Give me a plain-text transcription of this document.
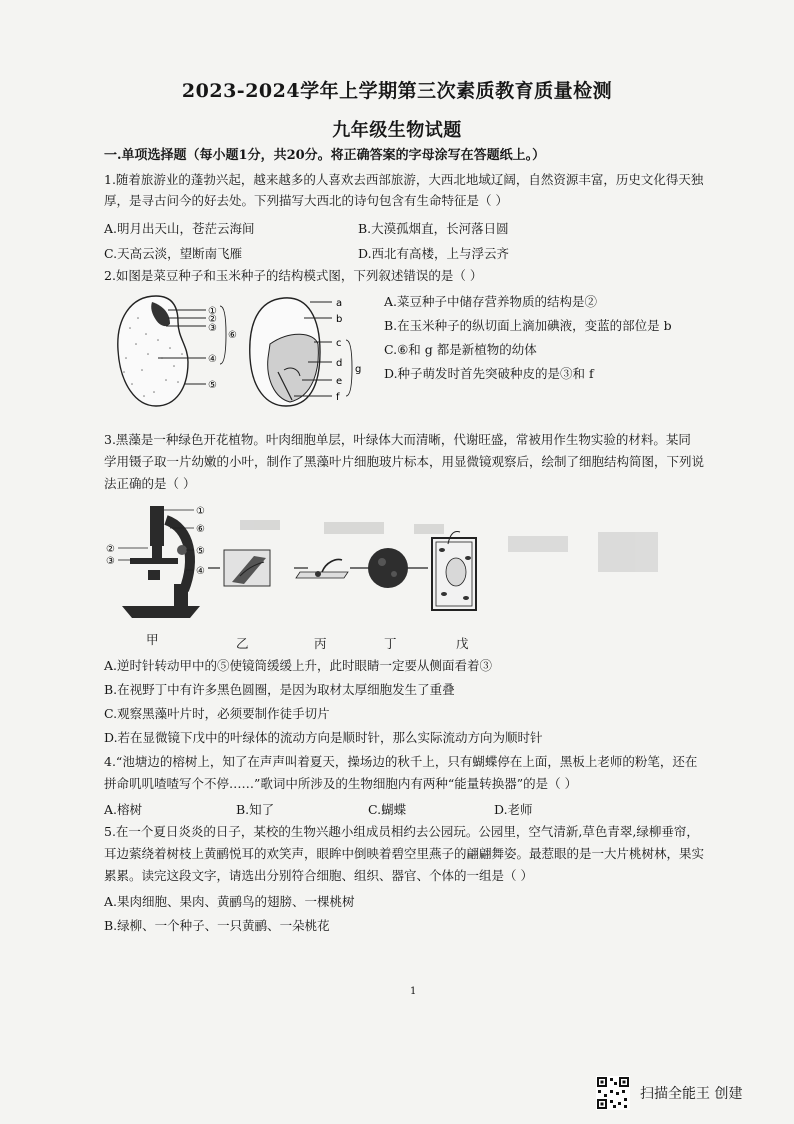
2023-2024学年上学期第三次素质教育质量检测
九年级生物试题
一.单项选择题（每小题1分，共20分。将正确答案的字母涂写在答题纸上。）
1.随着旅游业的蓬勃兴起，越来越多的人喜欢去西部旅游，大西北地域辽阔，自然资源丰富，历史文化得天独
厚，是寻古问今的好去处。下列描写大西北的诗句包含有生命特征是（ ）
A.明月出天山，苍茫云海间	B.大漠孤烟直，长河落日圆
C.天高云淡，望断南飞雁	D.西北有高楼，上与浮云齐
2.如图是菜豆种子和玉米种子的结构模式图，下列叙述错误的是（ ）
①
②
③
④
⑤
⑥
a
b
c
d
e
f
g
A.菜豆种子中储存营养物质的结构是②
B.在玉米种子的纵切面上滴加碘液，变蓝的部位是 b
C.⑥和 g 都是新植物的幼体
D.种子萌发时首先突破种皮的是③和 f
3.黑藻是一种绿色开花植物。叶肉细胞单层，叶绿体大而清晰，代谢旺盛，常被用作生物实验的材料。某同
学用镊子取一片幼嫩的小叶，制作了黑藻叶片细胞玻片标本，用显微镜观察后，绘制了细胞结构简图，下列说
法正确的是（ ）
①
②
③
④
⑤
⑥
甲	乙	丙	丁	戊
A.逆时针转动甲中的⑤使镜筒缓缓上升，此时眼睛一定要从侧面看着③
B.在视野丁中有许多黑色圆圈，是因为取材太厚细胞发生了重叠
C.观察黑藻叶片时，必须要制作徒手切片
D.若在显微镜下戊中的叶绿体的流动方向是顺时针，那么实际流动方向为顺时针
4.“池塘边的榕树上，知了在声声叫着夏天，操场边的秋千上，只有蝴蝶停在上面，黑板上老师的粉笔，还在
拼命叽叽喳喳写个不停……”歌词中所涉及的生物细胞内有两种“能量转换器”的是（ ）
A.榕树	B.知了	C.蝴蝶	D.老师
5.在一个夏日炎炎的日子，某校的生物兴趣小组成员相约去公园玩。公园里，空气清新,草色青翠,绿柳垂帘，
耳边萦绕着树枝上黄鹂悦耳的欢笑声，眼眸中倒映着碧空里燕子的翩翩舞姿。最惹眼的是一大片桃树林，果实
累累。读完这段文字，请选出分别符合细胞、组织、器官、个体的一组是（ ）
A.果肉细胞、果肉、黄鹂鸟的翅膀、一棵桃树
B.绿柳、一个种子、一只黄鹂、一朵桃花
1
扫描全能王 创建
